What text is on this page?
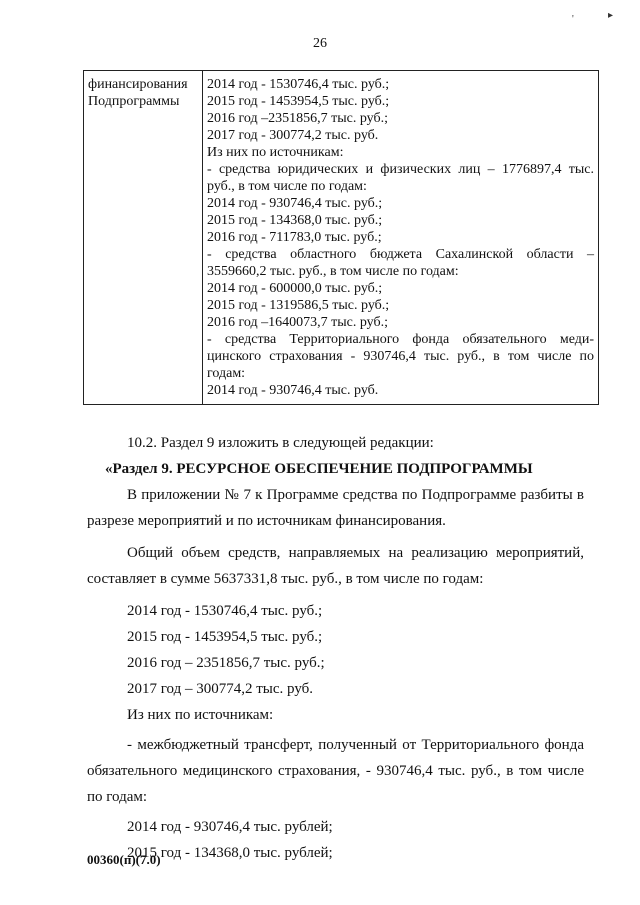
26
'	▸
финансирования
Подпрограммы

2014 год - 1530746,4 тыс. руб.;
2015 год - 1453954,5 тыс. руб.;
2016 год –2351856,7 тыс. руб.;
2017 год - 300774,2 тыс. руб.
Из них по источникам:
- средства юридических и физических лиц – 1776897,4 тыс. руб., в том числе по годам:
2014 год - 930746,4 тыс. руб.;
2015 год - 134368,0 тыс. руб.;
2016 год - 711783,0 тыс. руб.;
- средства областного бюджета Сахалинской области – 3559660,2 тыс. руб., в том числе по годам:
2014 год - 600000,0 тыс. руб.;
2015 год - 1319586,5 тыс. руб.;
2016 год –1640073,7 тыс. руб.;
- средства Территориального фонда обязательного меди-цинского страхования - 930746,4 тыс. руб., в том числе по годам:
2014 год - 930746,4 тыс. руб.

10.2. Раздел 9 изложить в следующей редакции:

«Раздел 9. РЕСУРСНОЕ ОБЕСПЕЧЕНИЕ ПОДПРОГРАММЫ

В приложении № 7 к Программе средства по Подпрограмме разбиты в разрезе мероприятий и по источникам финансирования.

Общий объем средств, направляемых на реализацию мероприятий, составляет в сумме 5637331,8 тыс. руб., в том числе по годам:

2014 год - 1530746,4 тыс. руб.;

2015 год - 1453954,5 тыс. руб.;

2016 год – 2351856,7 тыс. руб.;

2017 год – 300774,2 тыс. руб.

Из них по источникам:

- межбюджетный трансферт, полученный от Территориального фонда обязательного медицинского страхования, - 930746,4 тыс. руб., в том числе по годам:

2014 год - 930746,4 тыс. рублей;

2015 год - 134368,0 тыс. рублей;

00360(п)(7.0)
